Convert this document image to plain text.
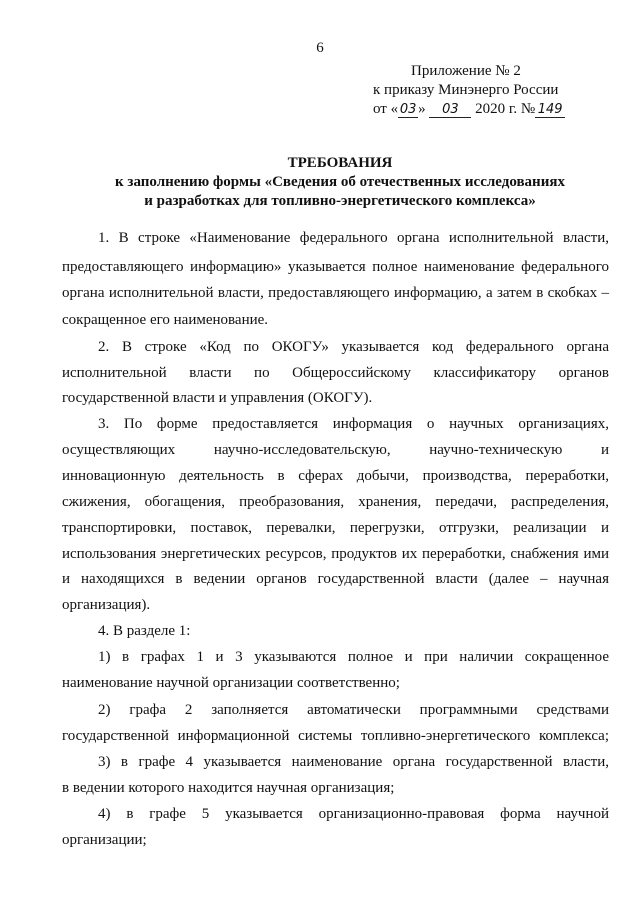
6
Приложение № 2
к приказу Минэнерго России
от « 03 » 03 2020 г. № 149
ТРЕБОВАНИЯ
к заполнению формы «Сведения об отечественных исследованиях
и разработках для топливно-энергетического комплекса»
1. В строке «Наименование федерального органа исполнительной власти,
предоставляющего информацию» указывается полное наименование федерального
органа исполнительной власти, предоставляющего информацию, а затем в скобках –
сокращенное его наименование.
2. В строке «Код по ОКОГУ» указывается код федерального органа
исполнительной власти по Общероссийскому классификатору органов
государственной власти и управления (ОКОГУ).
3. По форме предоставляется информация о научных организациях,
осуществляющих научно-исследовательскую, научно-техническую и
инновационную деятельность в сферах добычи, производства, переработки,
сжижения, обогащения, преобразования, хранения, передачи, распределения,
транспортировки, поставок, перевалки, перегрузки, отгрузки, реализации и
использования энергетических ресурсов, продуктов их переработки, снабжения ими
и находящихся в ведении органов государственной власти (далее – научная
организация).
4. В разделе 1:
1) в графах 1 и 3 указываются полное и при наличии сокращенное
наименование научной организации соответственно;
2) графа 2 заполняется автоматически программными средствами
государственной информационной системы топливно-энергетического комплекса;
3) в графе 4 указывается наименование органа государственной власти,
в ведении которого находится научная организация;
4) в графе 5 указывается организационно-правовая форма научной
организации;
